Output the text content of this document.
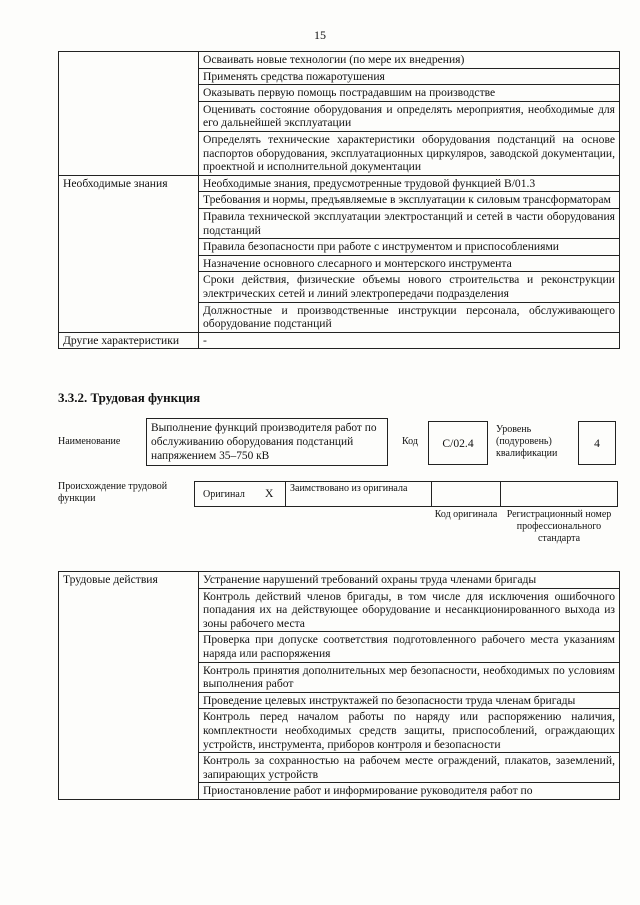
15
	Осваивать новые технологии (по мере их внедрения)
	Применять средства пожаротушения
	Оказывать первую помощь пострадавшим на производстве
	Оценивать состояние оборудования и определять мероприятия, необходимые для его дальнейшей эксплуатации
	Определять технические характеристики оборудования подстанций на основе паспортов оборудования, эксплуатационных циркуляров, заводской документации, проектной и исполнительной документации
Необходимые знания	Необходимые знания, предусмотренные трудовой функцией В/01.3
	Требования и нормы, предъявляемые в эксплуатации к силовым трансформаторам
	Правила технической эксплуатации электростанций и сетей в части оборудования подстанций
	Правила безопасности при работе с инструментом и приспособлениями
	Назначение основного слесарного и монтерского инструмента
	Сроки действия, физические объемы нового строительства и реконструкции электрических сетей и линий электропередачи подразделения
	Должностные и производственные инструкции персонала, обслуживающего оборудование подстанций
Другие характеристики	-
3.3.2. Трудовая функция
Наименование
Выполнение функций производителя работ по обслуживанию оборудования подстанций напряжением 35–750 кВ
Код	С/02.4
Уровень (подуровень) квалификации
4
Происхождение трудовой функции	Оригинал X	Заимствовано из оригинала
Код оригинала Регистрационный номер профессионального стандарта
Трудовые действия	Устранение нарушений требований охраны труда членами бригады
Контроль действий членов бригады, в том числе для исключения ошибочного попадания их на действующее оборудование и несанкционированного выхода из зоны рабочего места
Проверка при допуске соответствия подготовленного рабочего места указаниям наряда или распоряжения
Контроль принятия дополнительных мер безопасности, необходимых по условиям выполнения работ
Проведение целевых инструктажей по безопасности труда членам бригады
Контроль перед началом работы по наряду или распоряжению наличия, комплектности необходимых средств защиты, приспособлений, ограждающих устройств, инструмента, приборов контроля и безопасности
Контроль за сохранностью на рабочем месте ограждений, плакатов, заземлений, запирающих устройств
Приостановление работ и информирование руководителя работ по
